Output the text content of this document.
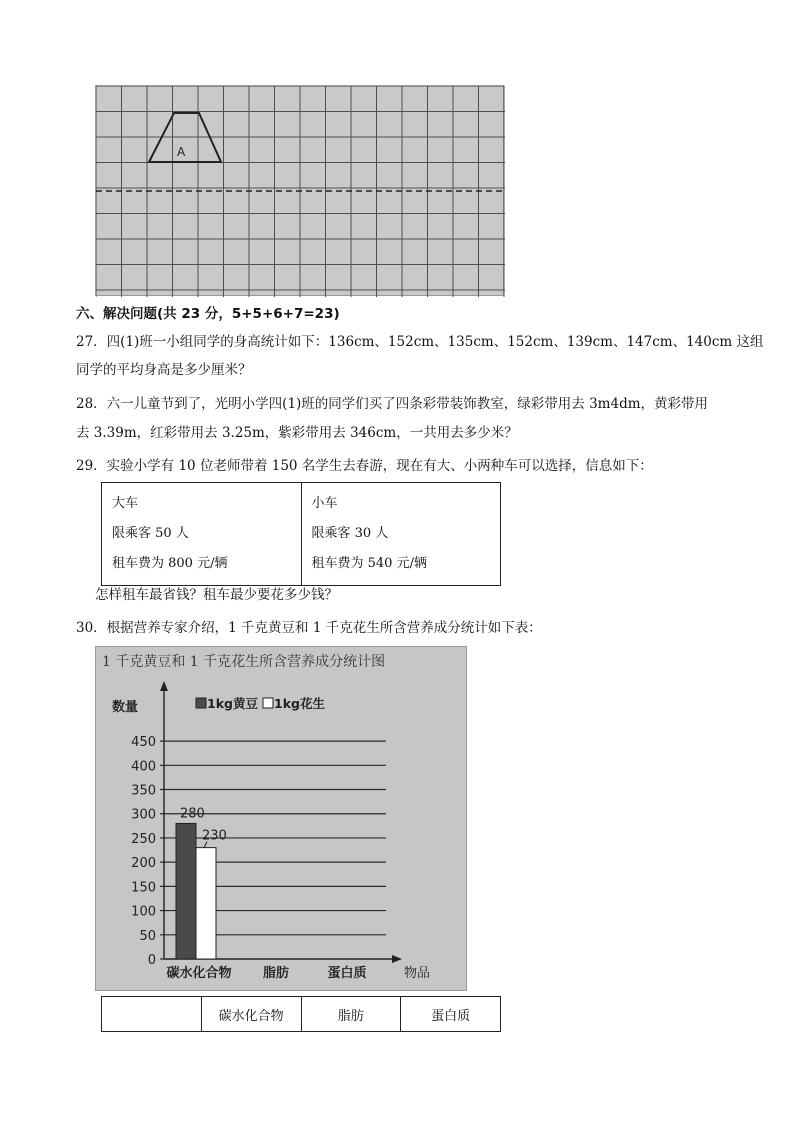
A
六、解决问题(共 23 分，5+5+6+7=23)
27．四(1)班一小组同学的身高统计如下：136cm、152cm、135cm、152cm、139cm、147cm、140cm 这组
同学的平均身高是多少厘米？
28．六一儿童节到了，光明小学四(1)班的同学们买了四条彩带装饰教室，绿彩带用去 3m4dm，黄彩带用
去 3.39m，红彩带用去 3.25m，紫彩带用去 346cm，一共用去多少米？
29．实验小学有 10 位老师带着 150 名学生去春游，现在有大、小两种车可以选择，信息如下：
大车
限乘客 50 人
租车费为 800 元/辆

小车
限乘客 30 人
租车费为 540 元/辆
怎样租车最省钱？租车最少要花多少钱？
30．根据营养专家介绍，1 千克黄豆和 1 千克花生所含营养成分统计如下表：
1 千克黄豆和 1 千克花生所含营养成分统计图
数量
物品
1kg黄豆 1kg花生
0
50
100
150
200
250
300
350
400
450
碳水化合物 脂肪	蛋白质
280
230
	碳水化合物	脂肪	蛋白质
